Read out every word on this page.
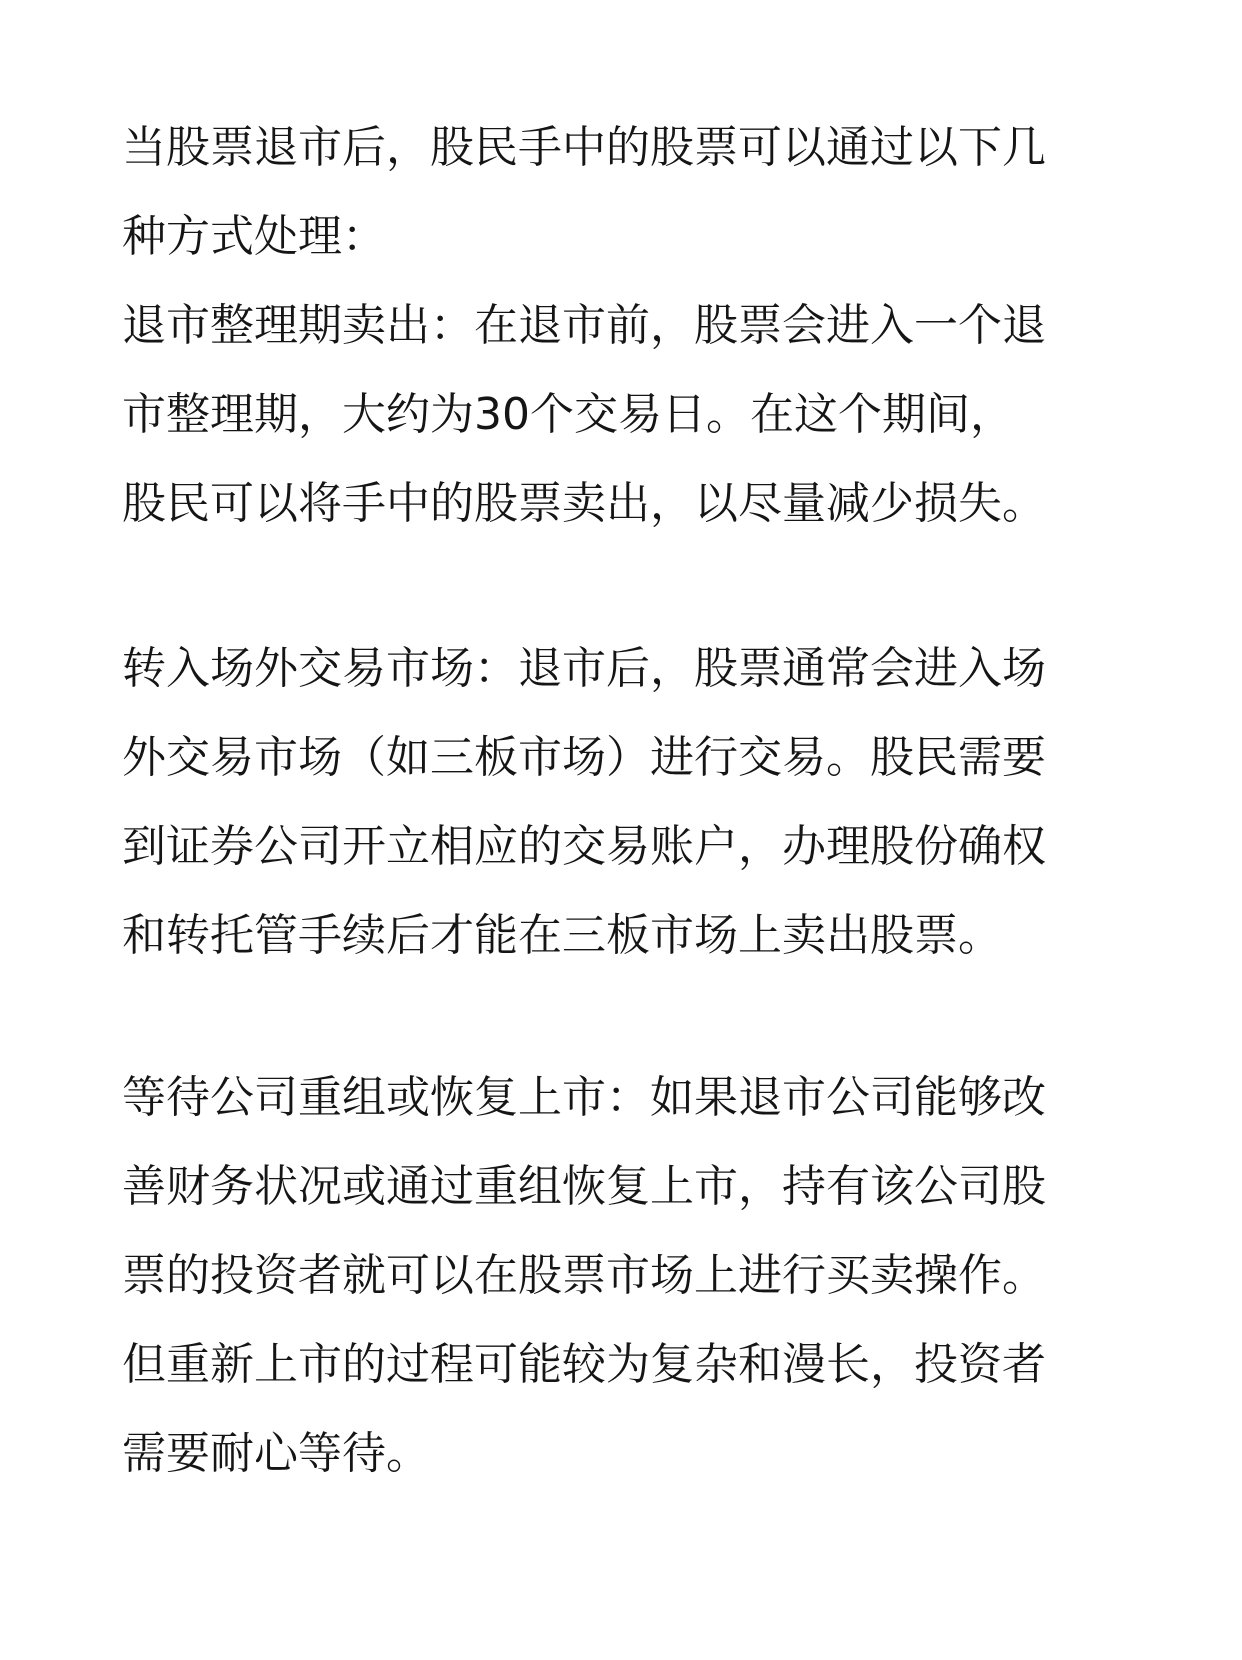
当股票退市后，股民手中的股票可以通过以下几
种方式处理：
退市整理期卖出：在退市前，股票会进入一个退
市整理期，大约为30个交易日。在这个期间，
股民可以将手中的股票卖出，以尽量减少损失。
转入场外交易市场：退市后，股票通常会进入场
外交易市场（如三板市场）进行交易。股民需要
到证券公司开立相应的交易账户，办理股份确权
和转托管手续后才能在三板市场上卖出股票。
等待公司重组或恢复上市：如果退市公司能够改
善财务状况或通过重组恢复上市，持有该公司股
票的投资者就可以在股票市场上进行买卖操作。
但重新上市的过程可能较为复杂和漫长，投资者
需要耐心等待。
